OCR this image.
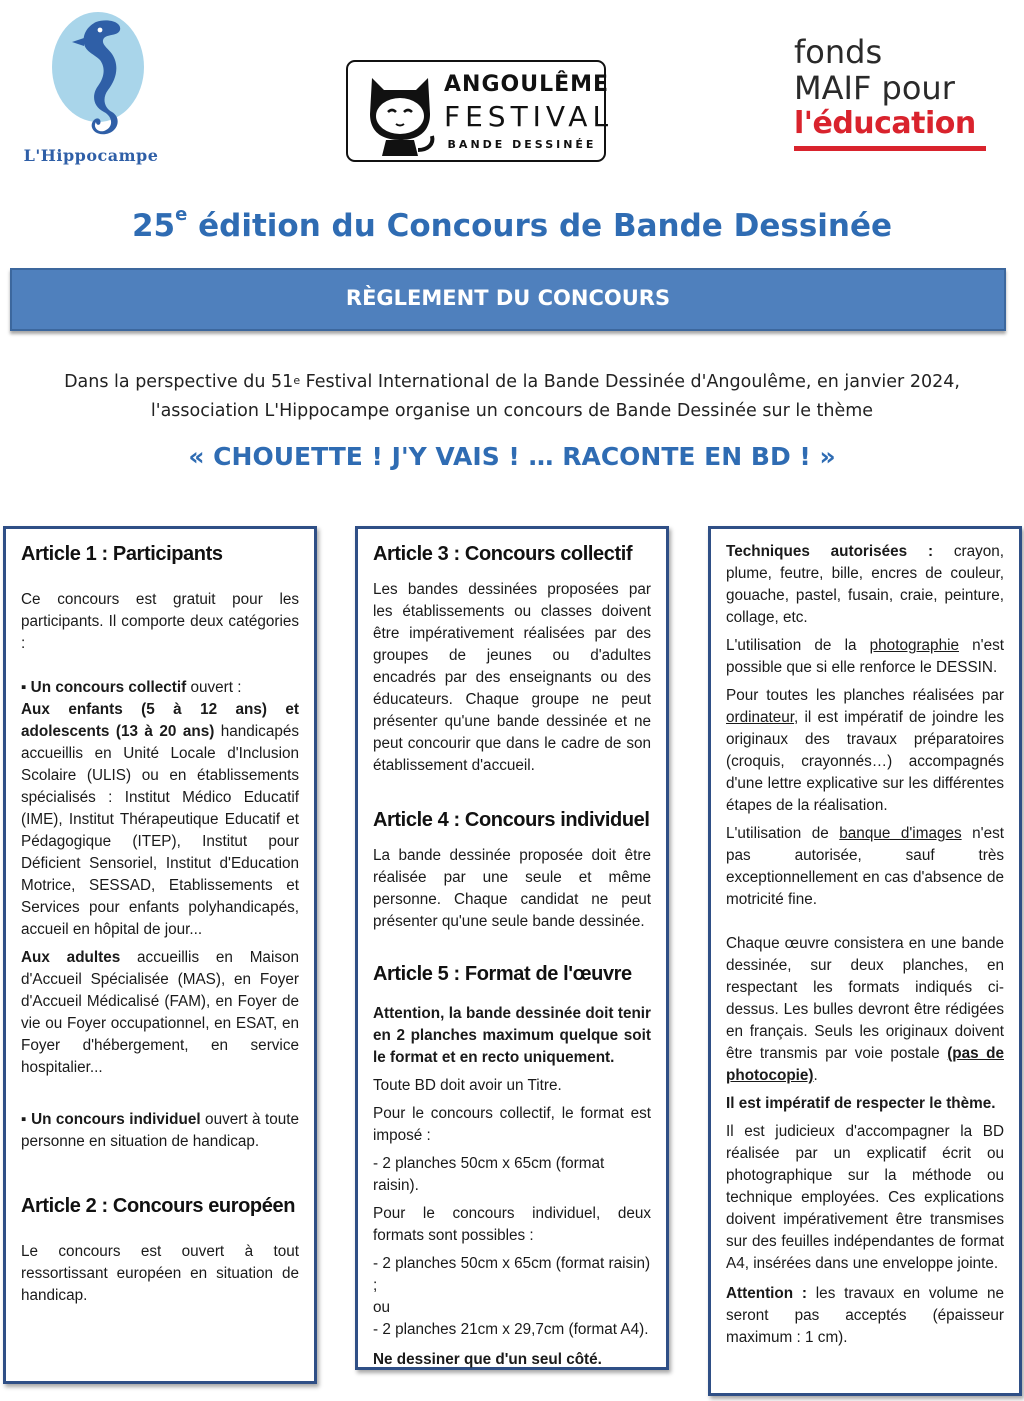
L'Hippocampe
ANGOULÊME
FESTIVAL
BANDE DESSINÉE
fonds
MAIF pour
l'éducation
25e édition du Concours de Bande Dessinée
RÈGLEMENT DU CONCOURS
Dans la perspective du 51e Festival International de la Bande Dessinée d'Angoulême, en janvier 2024,
l'association L'Hippocampe organise un concours de Bande Dessinée sur le thème
« CHOUETTE ! J'Y VAIS ! … RACONTE EN BD ! »
Article 1 : Participants

Ce concours est gratuit pour les participants. Il comporte deux catégories :

▪ Un concours collectif ouvert :

Aux enfants (5 à 12 ans) et adolescents (13 à 20 ans) handicapés accueillis en Unité Locale d'Inclusion Scolaire (ULIS) ou en établissements spécialisés : Institut Médico Educatif (IME), Institut Thérapeutique Educatif et Pédagogique (ITEP), Institut pour Déficient Sensoriel, Institut d'Education Motrice, SESSAD, Etablissements et Services pour enfants polyhandicapés, accueil en hôpital de jour...

Aux adultes accueillis en Maison d'Accueil Spécialisée (MAS), en Foyer d'Accueil Médicalisé (FAM), en Foyer de vie ou Foyer occupationnel, en ESAT, en Foyer d'hébergement, en service hospitalier...

▪ Un concours individuel ouvert à toute personne en situation de handicap.

Article 2 : Concours européen

Le concours est ouvert à tout ressortissant européen en situation de handicap.

Article 3 : Concours collectif

Les bandes dessinées proposées par les établissements ou classes doivent être impérativement réalisées par des groupes de jeunes ou d'adultes encadrés par des enseignants ou des éducateurs. Chaque groupe ne peut présenter qu'une bande dessinée et ne peut concourir que dans le cadre de son établissement d'accueil.

Article 4 : Concours individuel

La bande dessinée proposée doit être réalisée par une seule et même personne. Chaque candidat ne peut présenter qu'une seule bande dessinée.

Article 5 : Format de l'œuvre

Attention, la bande dessinée doit tenir en 2 planches maximum quelque soit le format et en recto uniquement.

Toute BD doit avoir un Titre.

Pour le concours collectif, le format est imposé :

- 2 planches 50cm x 65cm (format raisin).

Pour le concours individuel, deux formats sont possibles :

- 2 planches 50cm x 65cm (format raisin) ;

ou

- 2 planches 21cm x 29,7cm (format A4).

Ne dessiner que d'un seul côté.

Techniques autorisées : crayon, plume, feutre, bille, encres de couleur, gouache, pastel, fusain, craie, peinture, collage, etc.

L'utilisation de la photographie n'est possible que si elle renforce le DESSIN.

Pour toutes les planches réalisées par ordinateur, il est impératif de joindre les originaux des travaux préparatoires (croquis, crayonnés…) accompagnés d'une lettre explicative sur les différentes étapes de la réalisation.

L'utilisation de banque d'images n'est pas autorisée, sauf très exceptionnellement en cas d'absence de motricité fine.

Chaque œuvre consistera en une bande dessinée, sur deux planches, en respectant les formats indiqués ci-dessus. Les bulles devront être rédigées en français. Seuls les originaux doivent être transmis par voie postale (pas de photocopie).

Il est impératif de respecter le thème.

Il est judicieux d'accompagner la BD réalisée par un explicatif écrit ou photographique sur la méthode ou technique employées. Ces explications doivent impérativement être transmises sur des feuilles indépendantes de format A4, insérées dans une enveloppe jointe.

Attention : les travaux en volume ne seront pas acceptés (épaisseur maximum : 1 cm).
